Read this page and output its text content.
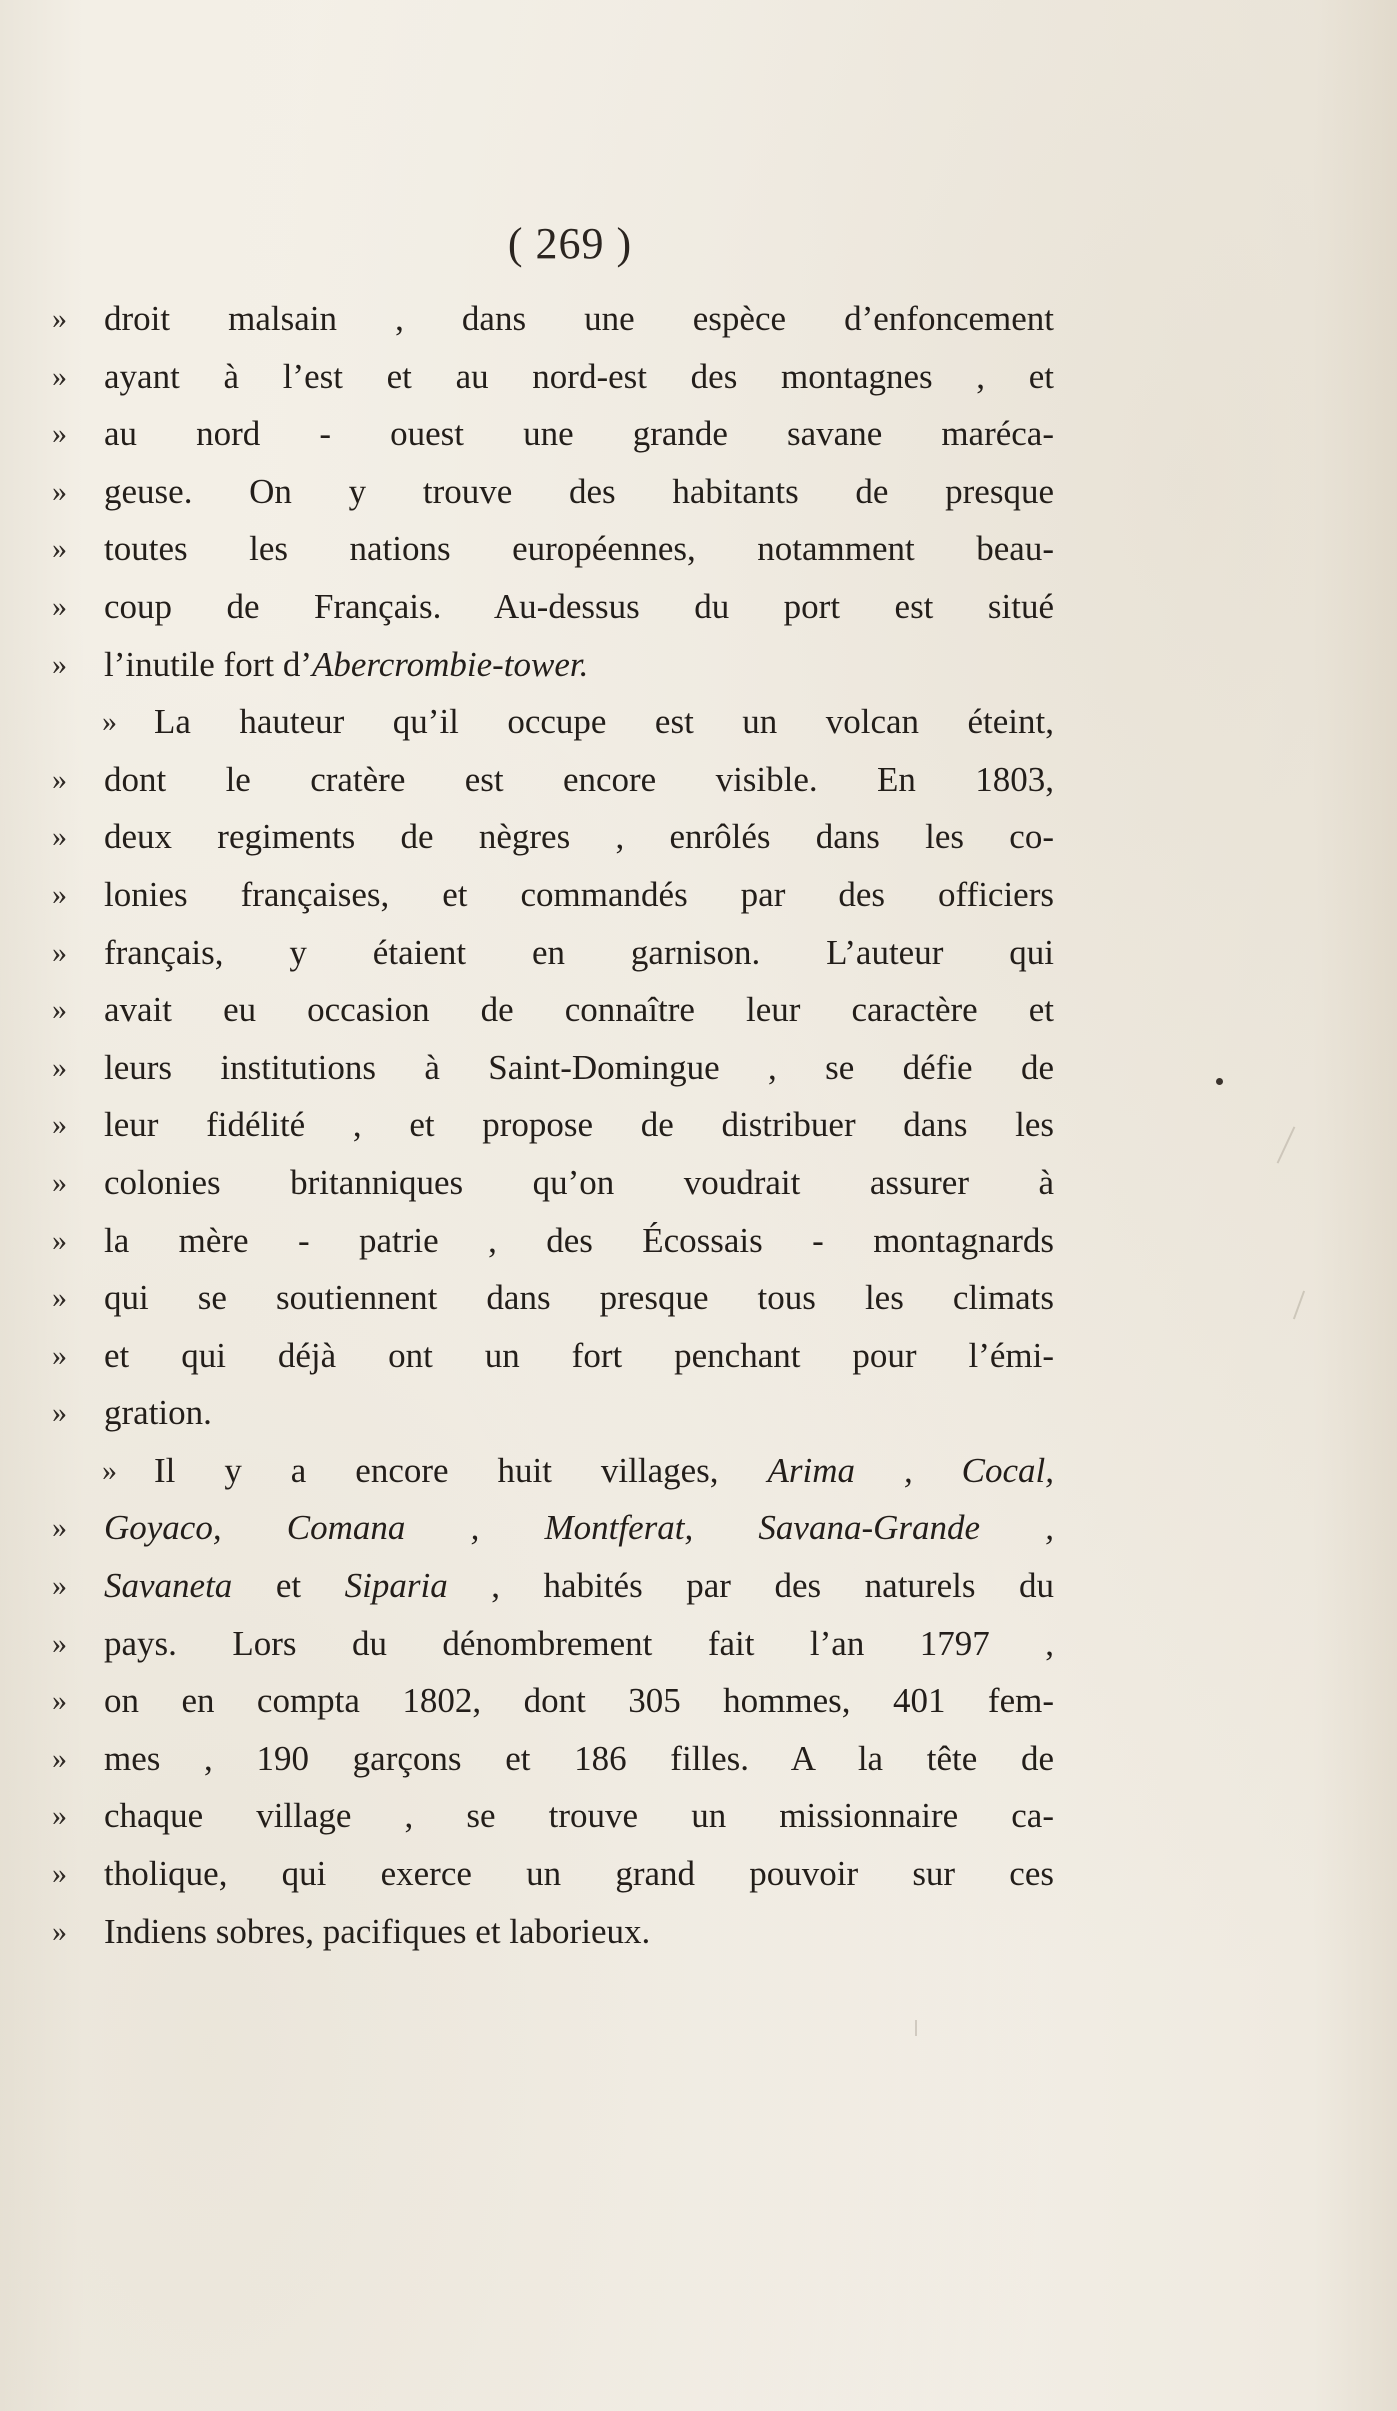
( 269 )
»	droit malsain , dans une espèce d’enfoncement
»	ayant à l’est et au nord-est des montagnes , et
»	au nord - ouest une grande savane maréca-
»	geuse. On y trouve des habitants de presque
»	toutes les nations européennes, notamment beau-
»	coup de Français. Au-dessus du port est situé
»	l’inutile fort d’Abercrombie-tower.
»	La hauteur qu’il occupe est un volcan éteint,
»	dont le cratère est encore visible. En 1803,
»	deux regiments de nègres , enrôlés dans les co-
»	lonies françaises, et commandés par des officiers
»	français, y étaient en garnison. L’auteur qui
»	avait eu occasion de connaître leur caractère et
»	leurs institutions à Saint-Domingue , se défie de
»	leur fidélité , et propose de distribuer dans les
»	colonies britanniques qu’on voudrait assurer à
»	la mère - patrie , des Écossais - montagnards
»	qui se soutiennent dans presque tous les climats
»	et qui déjà ont un fort penchant pour l’émi-
»	gration.
»	Il y a encore huit villages, Arima , Cocal,
»	Goyaco, Comana , Montferat, Savana-Grande ,
»	Savaneta et Siparia , habités par des naturels du
»	pays. Lors du dénombrement fait l’an 1797 ,
»	on en compta 1802, dont 305 hommes, 401 fem-
»	mes , 190 garçons et 186 filles. A la tête de
»	chaque village , se trouve un missionnaire ca-
»	tholique, qui exerce un grand pouvoir sur ces
»	Indiens sobres, pacifiques et laborieux.
